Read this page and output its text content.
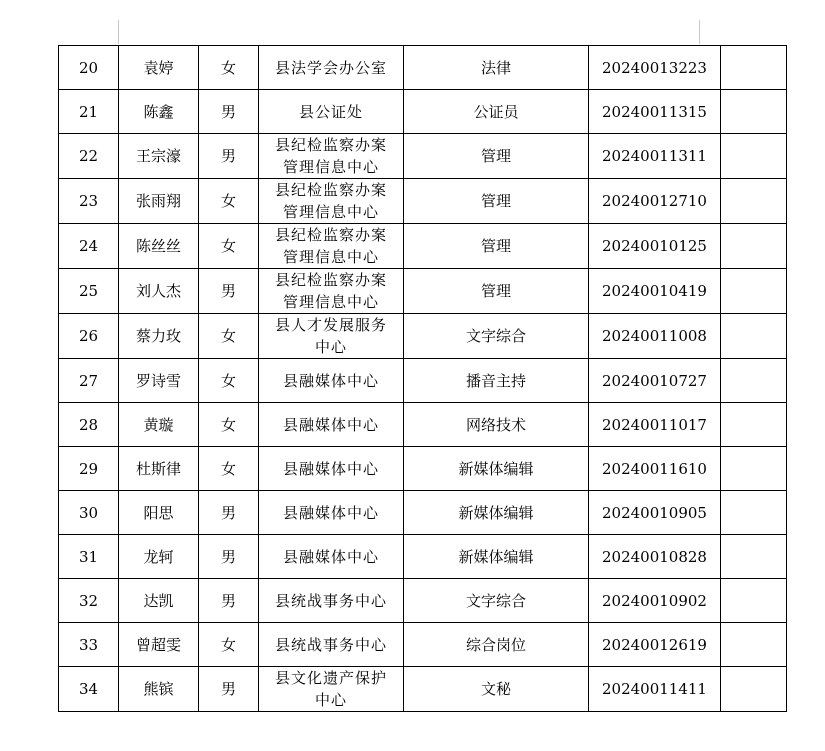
20	袁婷	女	县法学会办公室	法律	20240013223	
21	陈鑫	男	县公证处	公证员	20240011315	
22	王宗濠	男	县纪检监察办案管理信息中心	管理	20240011311	
23	张雨翔	女	县纪检监察办案管理信息中心	管理	20240012710	
24	陈丝丝	女	县纪检监察办案管理信息中心	管理	20240010125	
25	刘人杰	男	县纪检监察办案管理信息中心	管理	20240010419	
26	蔡力玫	女	县人才发展服务中心	文字综合	20240011008	
27	罗诗雪	女	县融媒体中心	播音主持	20240010727	
28	黄璇	女	县融媒体中心	网络技术	20240011017	
29	杜斯律	女	县融媒体中心	新媒体编辑	20240011610	
30	阳思	男	县融媒体中心	新媒体编辑	20240010905	
31	龙轲	男	县融媒体中心	新媒体编辑	20240010828	
32	达凯	男	县统战事务中心	文字综合	20240010902	
33	曾超雯	女	县统战事务中心	综合岗位	20240012619	
34	熊镔	男	县文化遗产保护中心	文秘	20240011411	
